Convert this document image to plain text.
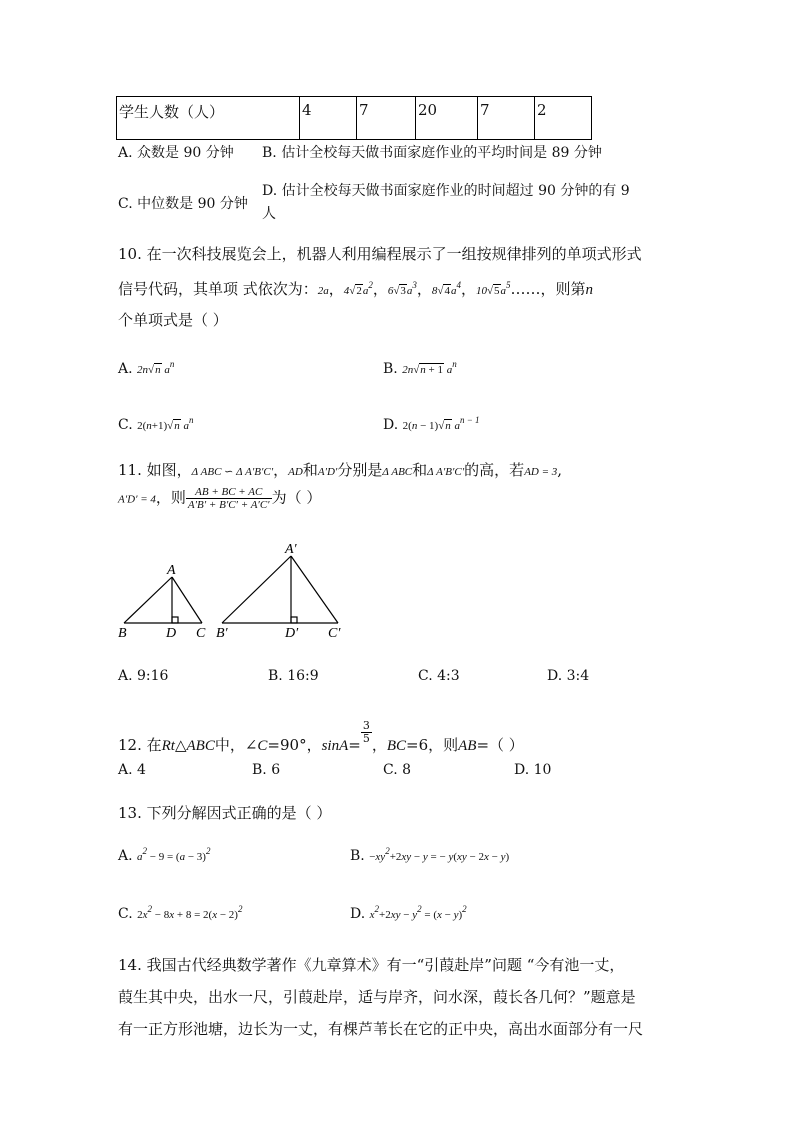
学生人数（人）	4	7	20	7	2
A. 众数是 90 分钟 B. 估计全校每天做书面家庭作业的平均时间是 89 分钟
C. 中位数是 90 分钟
D. 估计全校每天做书面家庭作业的时间超过 90 分钟的有 9
人
10. 在一次科技展览会上，机器人利用编程展示了一组按规律排列的单项式形式
信号代码，其单项 式依次为：2a，$4√2a^2$，$6√3a^3$，$8√4a^4$，$10√5a^5\dots\dots$，则第n
个单项式是（ ）
A. 2n√n $a^n$	B. 2n√n + 1 $a^n$
C. 2(n+1)√n $a^n$	D. 2(n − 1)√n $a^{n - 1}$
11. 如图，Δ ABC ∽ Δ A′B′C′，AD和A′D′分别是Δ ABC和Δ A′B′C′的高，若AD = 3,
A′D′ = 4，则 $\frac{AB + BC + AC}{A'B' + B'C' + A'C'}$ 为（ ）
A
B	D C
A′
B′	D′ C′
A. 9:16	B. 16:9	C. 4:3	D. 3:4
12. 在Rt△ABC中，∠C=90°，$\sin A= \frac{3}{5}$ ，BC=6，则AB=（ ）
A. 4	B. 6	C. 8	D. 10
13. 下列分解因式正确的是（ ）
A. $a^2 - 9 = (a - 3)^2$	B. $-xy^2+2xy - y$ = − y(xy − 2x − y)
C. $2x^2 - 8x + 8 = 2(x - 2)^2$	D. $x^2+2xy - y^2 = (x - y)^2$
14. 我国古代经典数学著作《九章算术》有一“引葭赴岸”问题 “今有池一丈，
葭生其中央，出水一尺，引葭赴岸，适与岸齐，问水深，葭长各几何？”题意是
有一正方形池塘，边长为一丈，有棵芦苇长在它的正中央，高出水面部分有一尺
